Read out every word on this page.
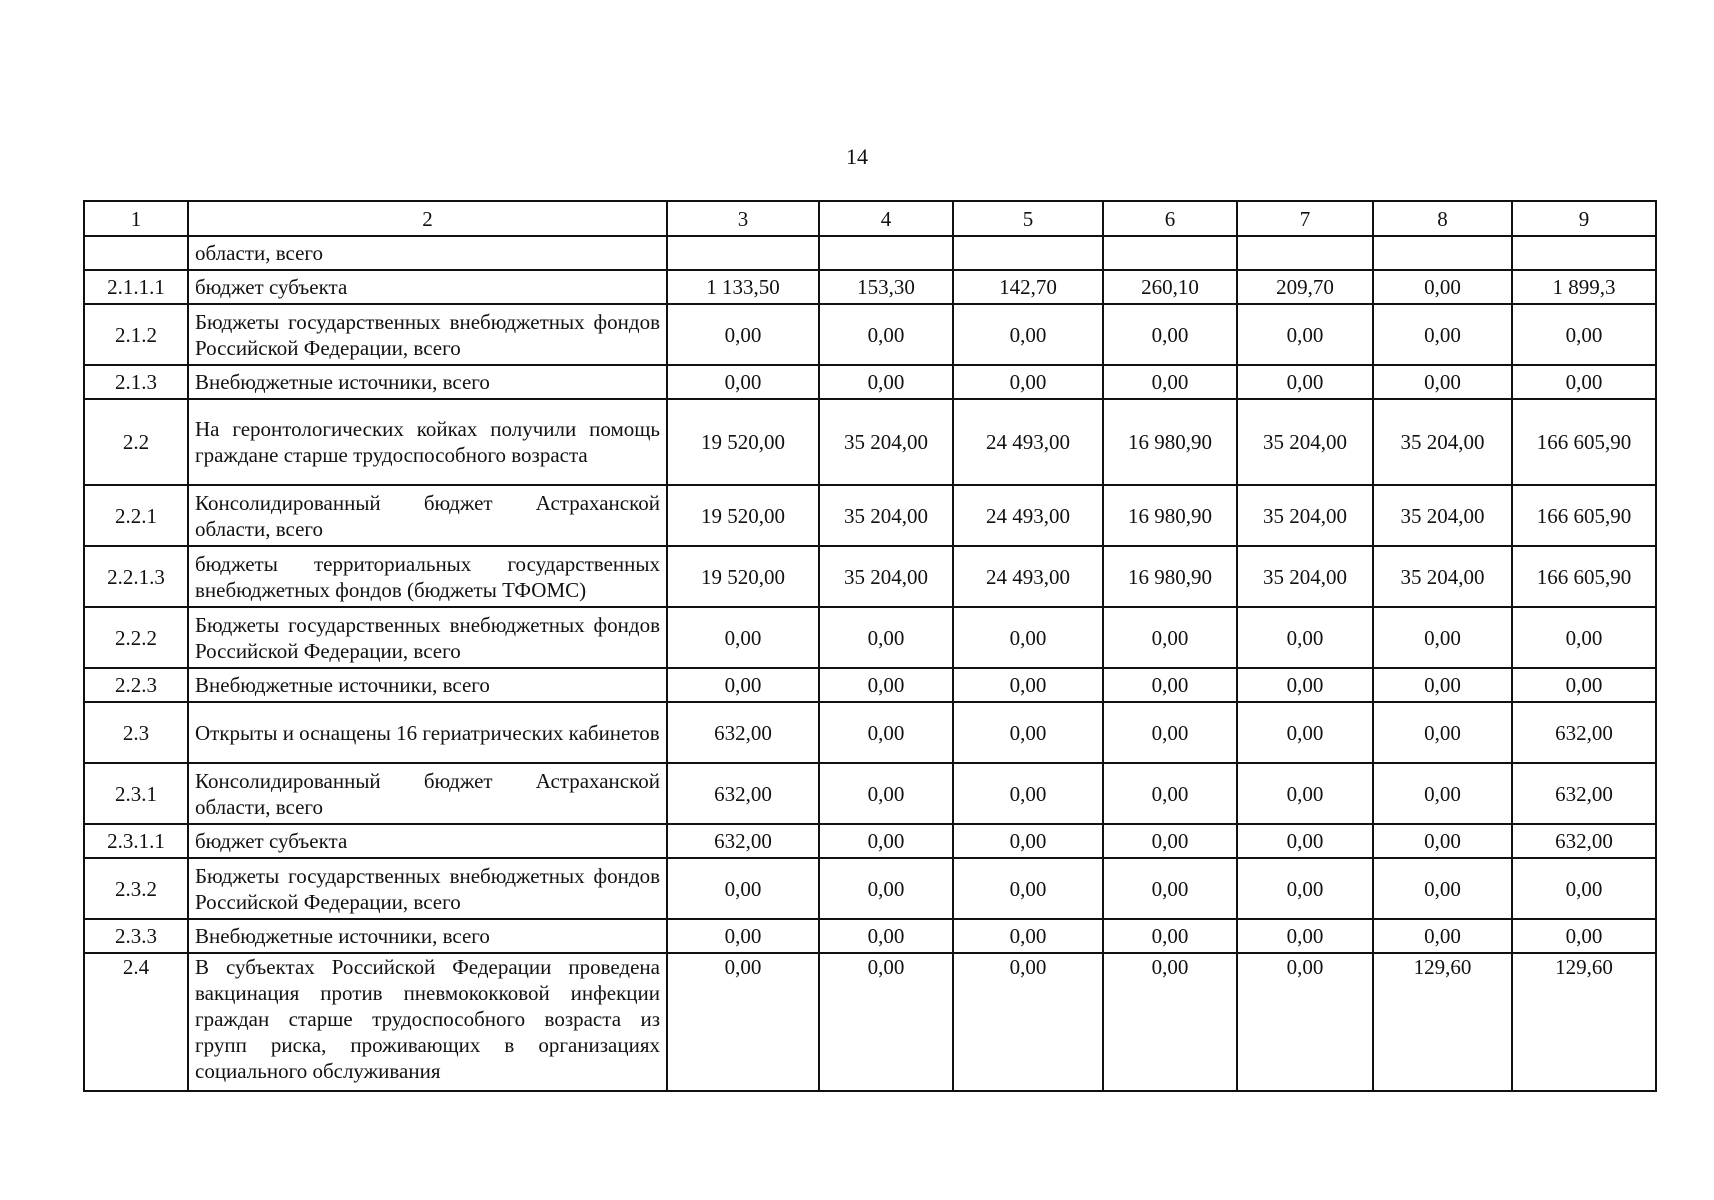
14
1	2	3	4	5	6	7	8	9
	области, всего							
2.1.1.1	бюджет субъекта	1 133,50	153,30	142,70	260,10	209,70	0,00	1 899,3
2.1.2	Бюджеты государственных внебюджетных фондов Российской Федерации, всего	0,00	0,00	0,00	0,00	0,00	0,00	0,00
2.1.3	Внебюджетные источники, всего	0,00	0,00	0,00	0,00	0,00	0,00	0,00
2.2	На геронтологических койках получили помощь граждане старше трудоспособного возраста	19 520,00	35 204,00	24 493,00	16 980,90	35 204,00	35 204,00	166 605,90
2.2.1	Консолидированный бюджет Астраханской области, всего	19 520,00	35 204,00	24 493,00	16 980,90	35 204,00	35 204,00	166 605,90
2.2.1.3	бюджеты территориальных государственных внебюджетных фондов (бюджеты ТФОМС)	19 520,00	35 204,00	24 493,00	16 980,90	35 204,00	35 204,00	166 605,90
2.2.2	Бюджеты государственных внебюджетных фондов Российской Федерации, всего	0,00	0,00	0,00	0,00	0,00	0,00	0,00
2.2.3	Внебюджетные источники, всего	0,00	0,00	0,00	0,00	0,00	0,00	0,00
2.3	Открыты и оснащены 16 гериатрических кабинетов	632,00	0,00	0,00	0,00	0,00	0,00	632,00
2.3.1	Консолидированный бюджет Астраханской области, всего	632,00	0,00	0,00	0,00	0,00	0,00	632,00
2.3.1.1	бюджет субъекта	632,00	0,00	0,00	0,00	0,00	0,00	632,00
2.3.2	Бюджеты государственных внебюджетных фондов Российской Федерации, всего	0,00	0,00	0,00	0,00	0,00	0,00	0,00
2.3.3	Внебюджетные источники, всего	0,00	0,00	0,00	0,00	0,00	0,00	0,00
2.4	В субъектах Российской Федерации проведена вакцинация против пневмококковой инфекции граждан старше трудоспособного возраста из групп риска, проживающих в организациях социального обслуживания	0,00	0,00	0,00	0,00	0,00	129,60	129,60
